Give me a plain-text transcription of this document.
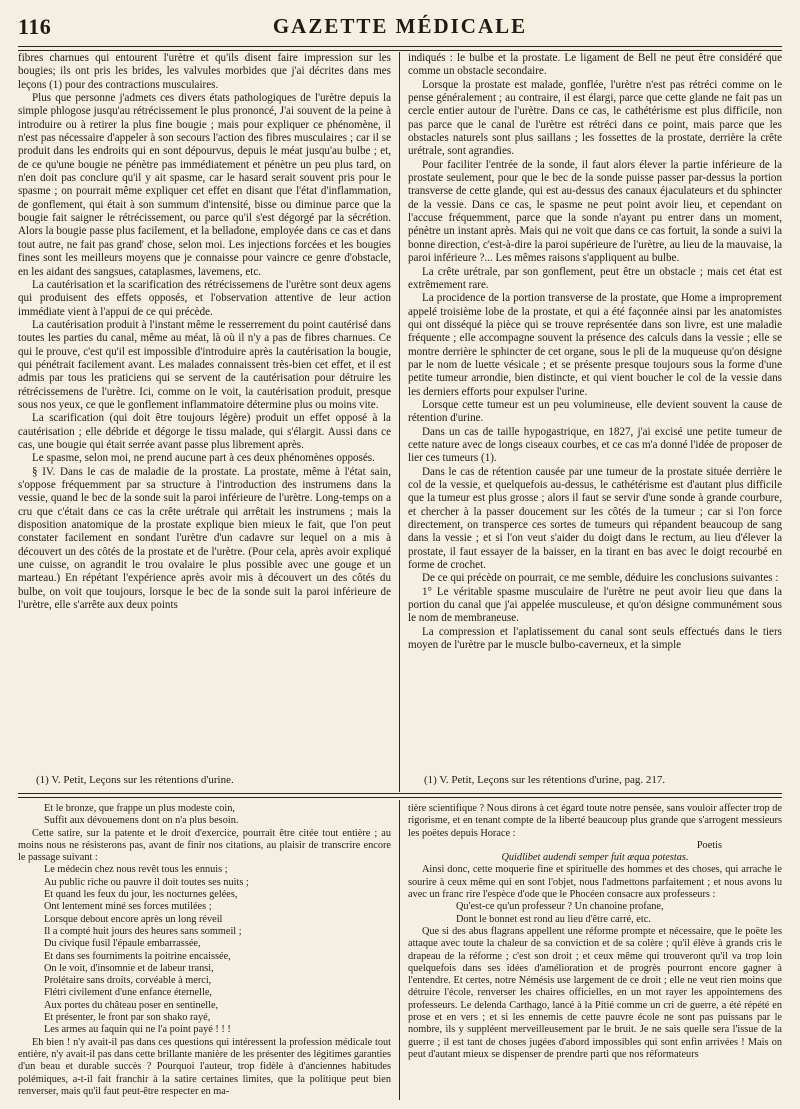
116	GAZETTE MÉDICALE

fibres charnues qui entourent l'urètre et qu'ils disent faire impression sur les bougies; ils ont pris les brides, les valvules morbides que j'ai décrites dans mes leçons (1) pour des contractions musculaires.

Plus que personne j'admets ces divers états pathologiques de l'urètre depuis la simple phlogose jusqu'au rétrécissement le plus prononcé, J'ai souvent de la peine à introduire ou à retirer la plus fine bougie ; mais pour expliquer ce phénomène, il n'est pas nécessaire d'appeler à son secours l'action des fibres musculaires ; car il se produit dans les endroits qui en sont dépourvus, depuis le méat jusqu'au bulbe ; et, de ce qu'une bougie ne pénètre pas immédiatement et pénètre un peu plus tard, on n'en doit pas conclure qu'il y ait spasme, car le hasard serait souvent pris pour le spasme ; on pourrait même expliquer cet effet en disant que l'état d'inflammation, de gonflement, qui était à son summum d'intensité, bisse ou diminue parce que la bougie fait saigner le rétrécissement, ou parce qu'il s'est dégorgé par la sécrétion. Alors la bougie passe plus facilement, et la belladone, employée dans ce cas et dans tout autre, ne fait pas grand' chose, selon moi. Les injections forcées et les bougies fines sont les meilleurs moyens que je connaisse pour vaincre ce genre d'obstacle, en les aidant des sangsues, cataplasmes, lavemens, etc.

La cautérisation et la scarification des rétrécissemens de l'urètre sont deux agens qui produisent des effets opposés, et l'observation attentive de leur action immédiate vient à l'appui de ce qui précède.

La cautérisation produit à l'instant même le resserrement du point cautérisé dans toutes les parties du canal, même au méat, là où il n'y a pas de fibres charnues. Ce qui le prouve, c'est qu'il est impossible d'introduire après la cautérisation la bougie, qui pénétrait facilement avant. Les malades connaissent très-bien cet effet, et il est admis par tous les praticiens qui se servent de la cautérisation pour détruire les rétrécissemens de l'urètre. Ici, comme on le voit, la cautérisation produit, presque sous nos yeux, ce que le gonflement inflammatoire détermine plus ou moins vite.

La scarification (qui doit être toujours légère) produit un effet opposé à la cautérisation ; elle débride et dégorge le tissu malade, qui s'élargit. Aussi dans ce cas, une bougie qui était serrée avant passe plus librement après.

Le spasme, selon moi, ne prend aucune part à ces deux phénomènes opposés.

§ IV. Dans le cas de maladie de la prostate. La prostate, même à l'état sain, s'oppose fréquemment par sa structure à l'introduction des instrumens dans la vessie, quand le bec de la sonde suit la paroi inférieure de l'urètre. Long-temps on a cru que c'était dans ce cas la crête urétrale qui arrêtait les instrumens ; mais la disposition anatomique de la prostate explique bien mieux le fait, que l'on peut constater facilement en sondant l'urètre d'un cadavre sur lequel on a mis à découvert un des côtés de la prostate et de l'urètre. (Pour cela, après avoir expliqué une cuisse, on agrandit le trou ovalaire le plus possible avec une gouge et un marteau.) En répétant l'expérience après avoir mis à découvert un des côtés du bulbe, on voit que toujours, lorsque le bec de la sonde suit la paroi inférieure de l'urètre, elle s'arrête aux deux points

indiqués : le bulbe et la prostate. Le ligament de Bell ne peut être considéré que comme un obstacle secondaire.

Lorsque la prostate est malade, gonflée, l'urètre n'est pas rétréci comme on le pense généralement ; au contraire, il est élargi, parce que cette glande ne fait pas un cercle entier autour de l'urètre. Dans ce cas, le cathétérisme est plus difficile, non pas parce que le canal de l'urètre est rétréci dans ce point, mais parce que les obstacles naturels sont plus saillans ; les fossettes de la prostate, derrière la crête urétrale, sont agrandies.

Pour faciliter l'entrée de la sonde, il faut alors élever la partie inférieure de la prostate seulement, pour que le bec de la sonde puisse passer par-dessus la portion transverse de cette glande, qui est au-dessus des canaux éjaculateurs et du sphincter de la vessie. Dans ce cas, le spasme ne peut point avoir lieu, et cependant on l'accuse fréquemment, parce que la sonde n'ayant pu entrer dans un moment, pénètre un instant après. Mais qui ne voit que dans ce cas fortuit, la sonde a suivi la bonne direction, c'est-à-dire la paroi supérieure de l'urètre, au lieu de la mauvaise, la paroi inférieure ?... Les mêmes raisons s'appliquent au bulbe.

La crête urétrale, par son gonflement, peut être un obstacle ; mais cet état est extrêmement rare.

La procidence de la portion transverse de la prostate, que Home a improprement appelé troisième lobe de la prostate, et qui a été façonnée ainsi par les anatomistes qui ont disséqué la pièce qui se trouve représentée dans son livre, est une maladie fréquente ; elle accompagne souvent la présence des calculs dans la vessie ; elle se montre derrière le sphincter de cet organe, sous le pli de la muqueuse qu'on désigne par le nom de luette vésicale ; et se présente presque toujours sous la forme d'une petite tumeur arrondie, bien distincte, et qui vient boucher le col de la vessie dans les derniers efforts pour expulser l'urine.

Lorsque cette tumeur est un peu volumineuse, elle devient souvent la cause de rétention d'urine.

Dans un cas de taille hypogastrique, en 1827, j'ai excisé une petite tumeur de cette nature avec de longs ciseaux courbes, et ce cas m'a donné l'idée de proposer de lier ces tumeurs (1).

Dans le cas de rétention causée par une tumeur de la prostate située derrière le col de la vessie, et quelquefois au-dessus, le cathétérisme est d'autant plus difficile que la tumeur est plus grosse ; alors il faut se servir d'une sonde à grande courbure, et chercher à la passer doucement sur les côtés de la tumeur ; car si l'on force directement, on transperce ces sortes de tumeurs qui répandent beaucoup de sang dans la vessie ; et si l'on veut s'aider du doigt dans le rectum, au lieu d'élever la prostate, il faut essayer de la baisser, en la tirant en bas avec le doigt recourbé en forme de crochet.

De ce qui précède on pourrait, ce me semble, déduire les conclusions suivantes :

1° Le véritable spasme musculaire de l'urètre ne peut avoir lieu que dans la portion du canal que j'ai appelée musculeuse, et qu'on désigne communément sous le nom de membraneuse.

La compression et l'aplatissement du canal sont seuls effectués dans le tiers moyen de l'urètre par le muscle bulbo-caverneux, et la simple

(1) V. Petit, Leçons sur les rétentions d'urine.	(1) V. Petit, Leçons sur les rétentions d'urine, pag. 217.

Et le bronze, que frappe un plus modeste coin,

Suffit aux dévouemens dont on n'a plus besoin.

Cette satire, sur la patente et le droit d'exercice, pourrait être citée tout entière ; au moins nous ne résisterons pas, avant de finir nos citations, au plaisir de transcrire encore le passage suivant :

Le médecin chez nous revêt tous les ennuis ;

Au public riche ou pauvre il doit toutes ses nuits ;

Et quand les feux du jour, les nocturnes gelées,

Ont lentement miné ses forces mutilées ;

Lorsque debout encore après un long réveil

Il a compté huit jours des heures sans sommeil ;

Du civique fusil l'épaule embarrassée,

Et dans ses fourniments la poitrine encaissée,

On le voit, d'insomnie et de labeur transi,

Prolétaire sans droits, corvéable à merci,

Flétri civilement d'une enfance éternelle,

Aux portes du château poser en sentinelle,

Et présenter, le front par son shako rayé,

Les armes au faquin qui ne l'a point payé ! ! !

Eh bien ! n'y avait-il pas dans ces questions qui intéressent la profession médicale tout entière, n'y avait-il pas dans cette brillante manière de les présenter des légitimes garanties d'un beau et durable succès ? Pourquoi l'auteur, trop fidèle à d'anciennes habitudes polémiques, a-t-il fait franchir à la satire certaines limites, que la politique peut bien renverser, mais qu'il faut peut-être respecter en ma-

tière scientifique ? Nous dirons à cet égard toute notre pensée, sans vouloir affecter trop de rigorisme, et en tenant compte de la liberté beaucoup plus grande que s'arrogent messieurs les poëtes depuis Horace :

Poetis

Quidlibet audendi semper fuit æqua potestas.

Ainsi donc, cette moquerie fine et spirituelle des hommes et des choses, qui arrache le sourire à ceux même qui en sont l'objet, nous l'admettons parfaitement ; et nous avons lu avec un franc rire l'espèce d'ode que le Phocéen consacre aux professeurs :

Qu'est-ce qu'un professeur ? Un chanoine profane,

Dont le bonnet est rond au lieu d'être carré, etc.

Que si des abus flagrans appellent une réforme prompte et nécessaire, que le poëte les attaque avec toute la chaleur de sa conviction et de sa colère ; qu'il élève à grands cris le drapeau de la réforme ; c'est son droit ; et ceux même qui trouveront qu'il va trop loin quelquefois dans ses idées d'amélioration et de progrès pourront encore gagner à l'entendre. Et certes, notre Némésis use largement de ce droit ; elle ne veut rien moins que détruire l'école, renverser les chaires officielles, en un mot rayer les appointemens des professeurs. Le delenda Carthago, lancé à la Pitié comme un cri de guerre, a été répété en prose et en vers ; et si les ennemis de cette pauvre école ne sont pas puissans par le nombre, ils y suppléent merveilleusement par le bruit. Je ne sais quelle sera l'issue de la guerre ; il est tant de choses jugées d'abord impossibles qui sont enfin arrivées ! Mais on peut d'autant mieux se dispenser de prendre parti que nos réformateurs
